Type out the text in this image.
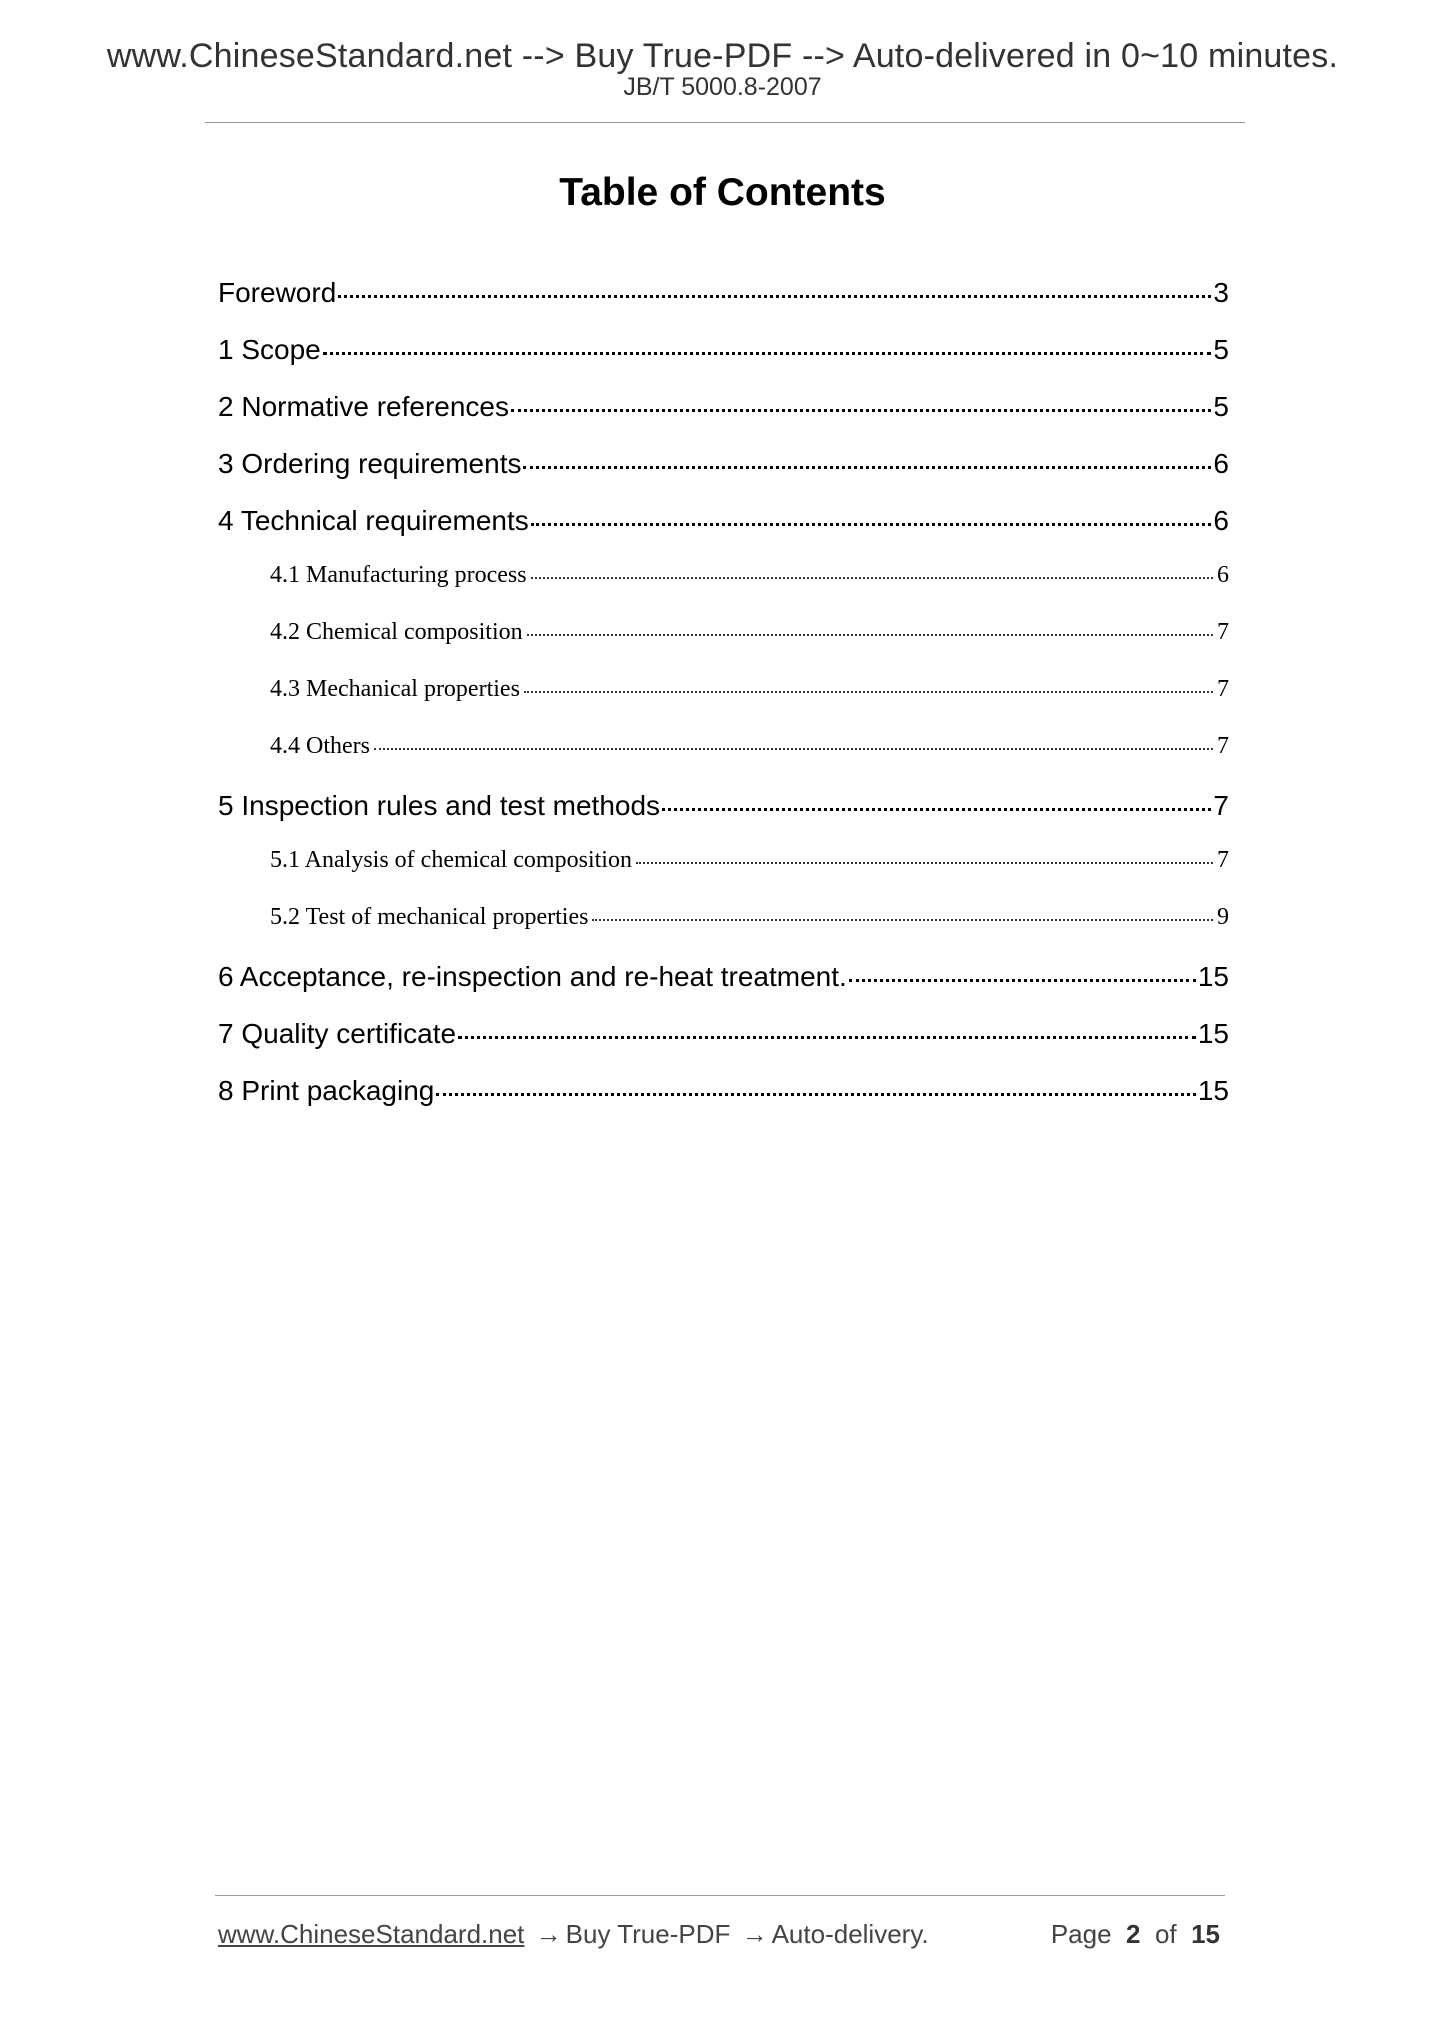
www.ChineseStandard.net --> Buy True-PDF --> Auto-delivered in 0~10 minutes.
JB/T 5000.8-2007
Table of Contents
Foreword	3
1 Scope	5
2 Normative references	5
3 Ordering requirements	6
4 Technical requirements	6
4.1 Manufacturing process	6
4.2 Chemical composition	7
4.3 Mechanical properties	7
4.4 Others	7
5 Inspection rules and test methods	7
5.1 Analysis of chemical composition	7
5.2 Test of mechanical properties	9
6 Acceptance, re-inspection and re-heat treatment.	15
7 Quality certificate	15
8 Print packaging	15
www.ChineseStandard.net → Buy True-PDF → Auto-delivery.	Page 2 of 15
